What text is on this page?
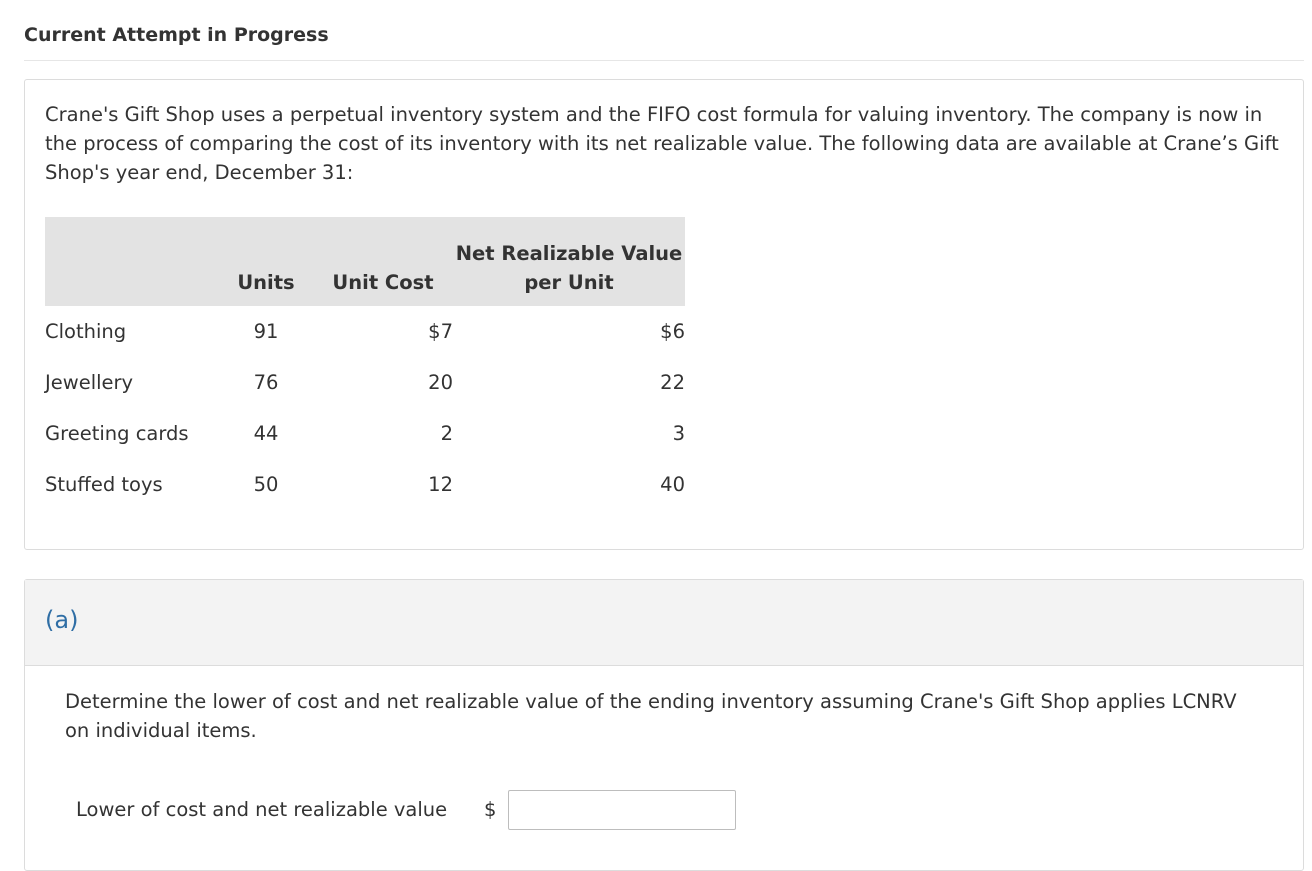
Current Attempt in Progress

Crane's Gift Shop uses a perpetual inventory system and the FIFO cost formula for valuing inventory. The company is now in the process of comparing the cost of its inventory with its net realizable value. The following data are available at Crane’s Gift Shop's year end, December 31:

	Units	Unit Cost	Net Realizable Value per Unit
Clothing	91	$7	$6
Jewellery	76	20	22
Greeting cards	44	2	3
Stuffed toys	50	12	40
(a)

Determine the lower of cost and net realizable value of the ending inventory assuming Crane's Gift Shop applies LCNRV on individual items.

Lower of cost and net realizable value $
